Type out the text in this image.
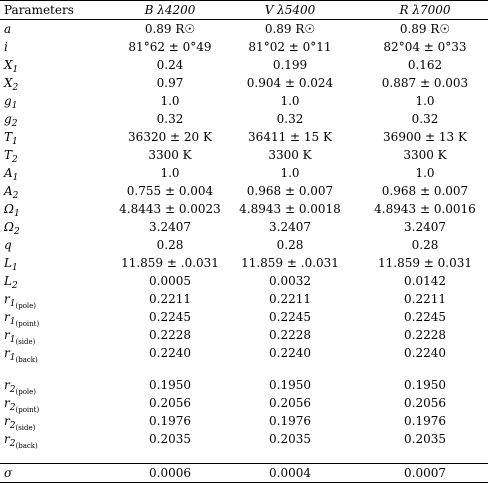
Parameters	B λ4200	V λ5400	R λ7000
a	0.89 R☉	0.89 R☉	0.89 R☉
i	81°62 ± 0°49	81°02 ± 0°11	82°04 ± 0°33
$X_1$	0.24	0.199	0.162
$X_2$	0.97	0.904 ± 0.024	0.887 ± 0.003
$g_1$	1.0	1.0	1.0
$g_2$	0.32	0.32	0.32
$T_1$	36320 ± 20 K	36411 ± 15 K	36900 ± 13 K
$T_2$	3300 K	3300 K	3300 K
$A_1$	1.0	1.0	1.0
$A_2$	0.755 ± 0.004	0.968 ± 0.007	0.968 ± 0.007
$\Omega_1$	4.8443 ± 0.0023	4.8943 ± 0.0018	4.8943 ± 0.0016
$\Omega_2$	3.2407	3.2407	3.2407
q	0.28	0.28	0.28
$L_1$	11.859 ± .0.031	11.859 ± .0.031	11.859 ± 0.031
$L_2$	0.0005	0.0032	0.0142
$r_{1_{(pole)}}$	0.2211	0.2211	0.2211
$r_{1_{(point)}}$	0.2245	0.2245	0.2245
$r_{1_{(side)}}$	0.2228	0.2228	0.2228
$r_{1_{(back)}}$	0.2240	0.2240	0.2240
$r_{2_{(pole)}}$	0.1950	0.1950	0.1950
$r_{2_{(point)}}$	0.2056	0.2056	0.2056
$r_{2_{(side)}}$	0.1976	0.1976	0.1976
$r_{2_{(back)}}$	0.2035	0.2035	0.2035
σ	0.0006	0.0004	0.0007
